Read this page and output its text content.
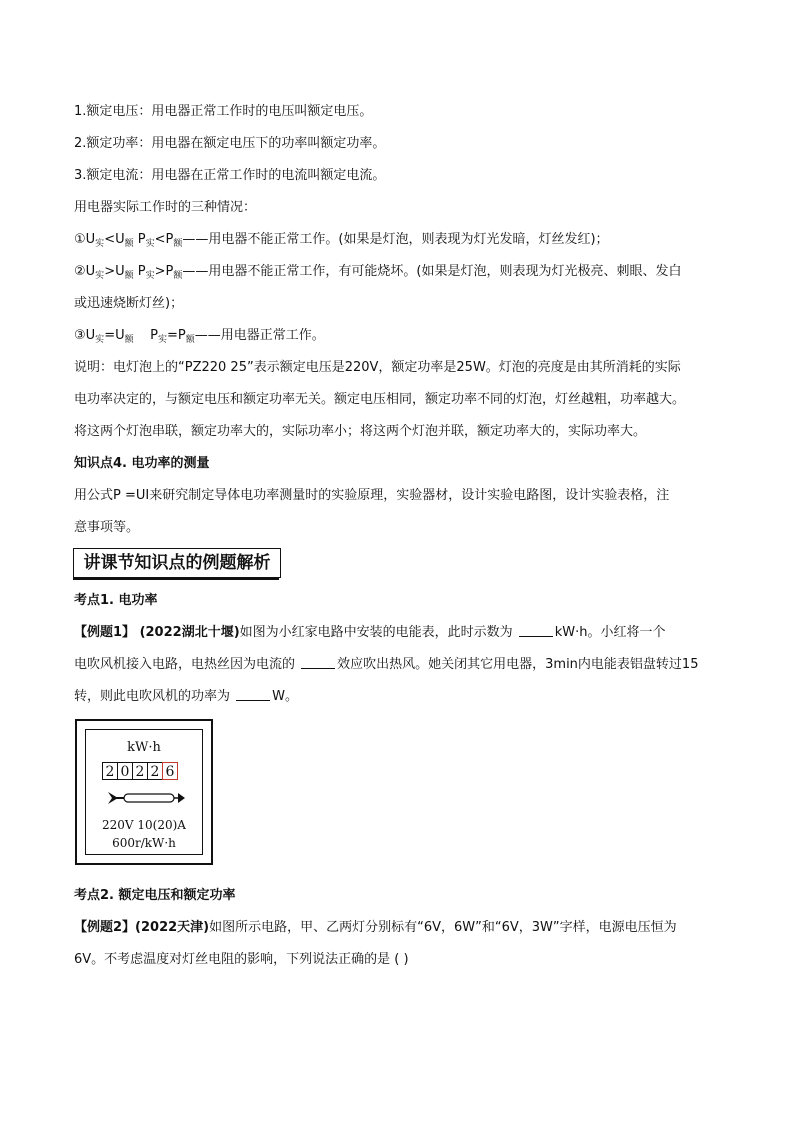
1.额定电压：用电器正常工作时的电压叫额定电压。
2.额定功率：用电器在额定电压下的功率叫额定功率。
3.额定电流：用电器在正常工作时的电流叫额定电流。
用电器实际工作时的三种情况：
$①U_实<U_额$ $P_实<P_额——$用电器不能正常工作。(如果是灯泡，则表现为灯光发暗，灯丝发红)；
$②U_实>U_额$ $P_实>P_额——$用电器不能正常工作，有可能烧坏。(如果是灯泡，则表现为灯光极亮、刺眼、发白
或迅速烧断灯丝)；
$③U_实=U_额$    $P_实=P_额——$用电器正常工作。
说明：电灯泡上的“PZ220 25”表示额定电压是220V，额定功率是25W。灯泡的亮度是由其所消耗的实际
电功率决定的，与额定电压和额定功率无关。额定电压相同，额定功率不同的灯泡，灯丝越粗，功率越大。
将这两个灯泡串联，额定功率大的，实际功率小；将这两个灯泡并联，额定功率大的，实际功率大。
知识点4. 电功率的测量
用公式P =UI来研究制定导体电功率测量时的实验原理，实验器材，设计实验电路图，设计实验表格，注
意事项等。
讲课节知识点的例题解析
考点1. 电功率
【例题1】 (2022湖北十堰)如图为小红家电路中安装的电能表，此时示数为	kW·h。小红将一个
电吹风机接入电路，电热丝因为电流的	效应吹出热风。她关闭其它用电器，3min内电能表铝盘转过15
转，则此电吹风机的功率为	W。
kW·h
2 0 2 2 6
220V 10(20)A
600r/kW·h
考点2. 额定电压和额定功率
【例题2】(2022天津)如图所示电路，甲、乙两灯分别标有“6V，6W”和“6V，3W”字样，电源电压恒为
6V。不考虑温度对灯丝电阻的影响，下列说法正确的是 ( )
